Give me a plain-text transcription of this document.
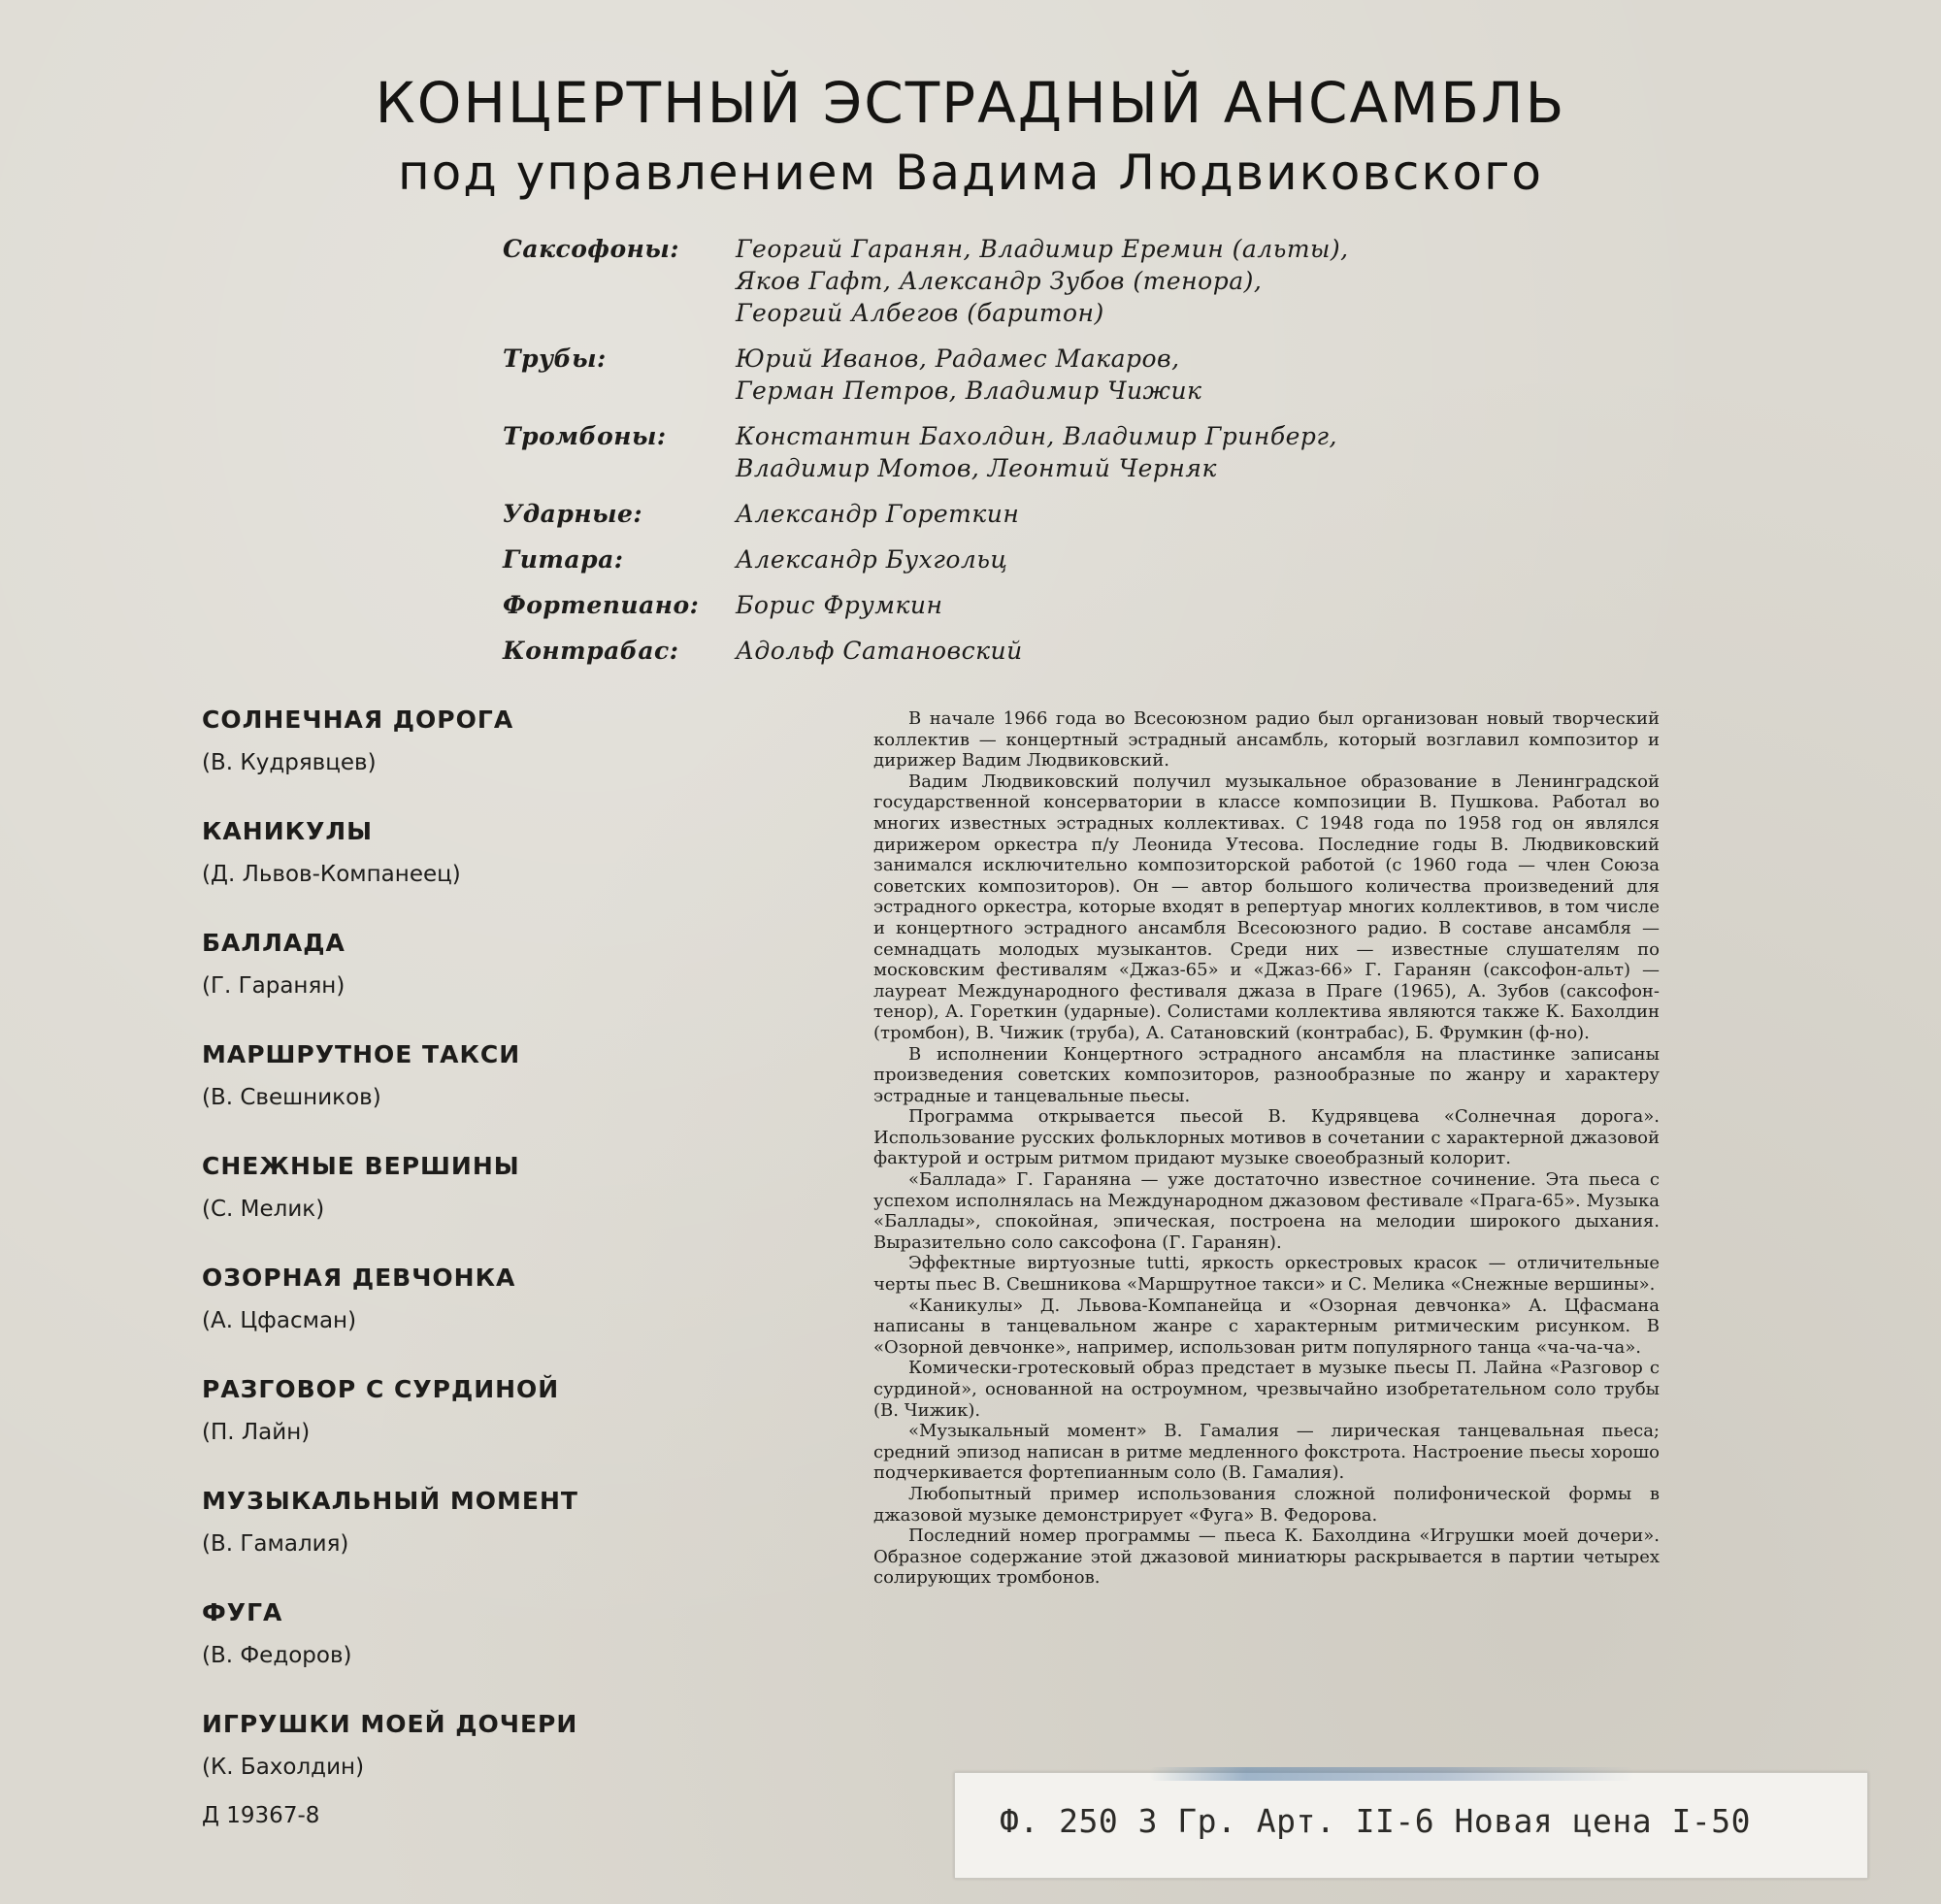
КОНЦЕРТНЫЙ ЭСТРАДНЫЙ АНСАМБЛЬ
под управлением Вадима Людвиковского
Саксофоны:	Георгий Гаранян, Владимир Еремин (альты),
Яков Гафт, Александр Зубов (тенора),
Георгий Албегов (баритон)
Трубы:	Юрий Иванов, Радамес Макаров,
Герман Петров, Владимир Чижик
Тромбоны:	Константин Бахолдин, Владимир Гринберг,
Владимир Мотов, Леонтий Черняк
Ударные:	Александр Горeткин
Гитара:	Александр Бухгольц
Фортепиано:	Борис Фрумкин
Контрабас:	Адольф Сатановский
СОЛНЕЧНАЯ ДОРОГА
(В. Кудрявцев)
КАНИКУЛЫ
(Д. Львов-Компанеец)
БАЛЛАДА
(Г. Гаранян)
МАРШРУТНОЕ ТАКСИ
(В. Свешников)
СНЕЖНЫЕ ВЕРШИНЫ
(С. Мелик)
ОЗОРНАЯ ДЕВЧОНКА
(А. Цфасман)
РАЗГОВОР С СУРДИНОЙ
(П. Лайн)
МУЗЫКАЛЬНЫЙ МОМЕНТ
(В. Гамалия)
ФУГА
(В. Федоров)
ИГРУШКИ МОЕЙ ДОЧЕРИ
(К. Бахолдин)
Д 19367-8

В начале 1966 года во Всесоюзном радио был организован новый творческий коллектив — концертный эстрадный ансамбль, который возглавил композитор и дирижер Вадим Людвиковский.

Вадим Людвиковский получил музыкальное образование в Ленинградской государственной консерватории в классе композиции В. Пушкова. Работал во многих известных эстрадных коллективах. С 1948 года по 1958 год он являлся дирижером оркестра п/у Леонида Утесова. Последние годы В. Людвиковский занимался исключительно композиторской работой (с 1960 года — член Союза советских композиторов). Он — автор большого количества произведений для эстрадного оркестра, которые входят в репертуар многих коллективов, в том числе и концертного эстрадного ансамбля Всесоюзного радио. В составе ансамбля — семнадцать молодых музыкантов. Среди них — известные слушателям по московским фестивалям «Джаз-65» и «Джаз-66» Г. Гаранян (саксофон-альт) — лауреат Международного фестиваля джаза в Праге (1965), А. Зубов (саксофон-тенор), А. Горeткин (ударные). Солистами коллектива являются также К. Бахолдин (тромбон), В. Чижик (труба), А. Сатановский (контрабас), Б. Фрумкин (ф-но).

В исполнении Концертного эстрадного ансамбля на пластинке записаны произведения советских композиторов, разнообразные по жанру и характеру эстрадные и танцевальные пьесы.

Программа открывается пьесой В. Кудрявцева «Солнечная дорога». Использование русских фольклорных мотивов в сочетании с характерной джазовой фактурой и острым ритмом придают музыке своеобразный колорит.

«Баллада» Г. Гараняна — уже достаточно известное сочинение. Эта пьеса с успехом исполнялась на Международном джазовом фестивале «Прага-65». Музыка «Баллады», спокойная, эпическая, построена на мелодии широкого дыхания. Выразительно соло саксофона (Г. Гаранян).

Эффектные виртуозные tutti, яркость оркестровых красок — отличительные черты пьес В. Свешникова «Маршрутное такси» и С. Мелика «Снежные вершины».

«Каникулы» Д. Львова-Компанейца и «Озорная девчонка» А. Цфасмана написаны в танцевальном жанре с характерным ритмическим рисунком. В «Озорной девчонке», например, использован ритм популярного танца «ча-ча-ча».

Комически-гротесковый образ предстает в музыке пьесы П. Лайна «Разговор с сурдиной», основанной на остроумном, чрезвычайно изобретательном соло трубы (В. Чижик).

«Музыкальный момент» В. Гамалия — лирическая танцевальная пьеса; средний эпизод написан в ритме медленного фокстрота. Настроение пьесы хорошо подчеркивается фортепианным соло (В. Гамалия).

Любопытный пример использования сложной полифонической формы в джазовой музыке демонстрирует «Фуга» В. Федорова.

Последний номер программы — пьеса К. Бахолдина «Игрушки моей дочери». Образное содержание этой джазовой миниатюры раскрывается в партии четырех солирующих тромбонов.

Ф. 250 3 Гр. Арт. II-6 Новая цена I-50
